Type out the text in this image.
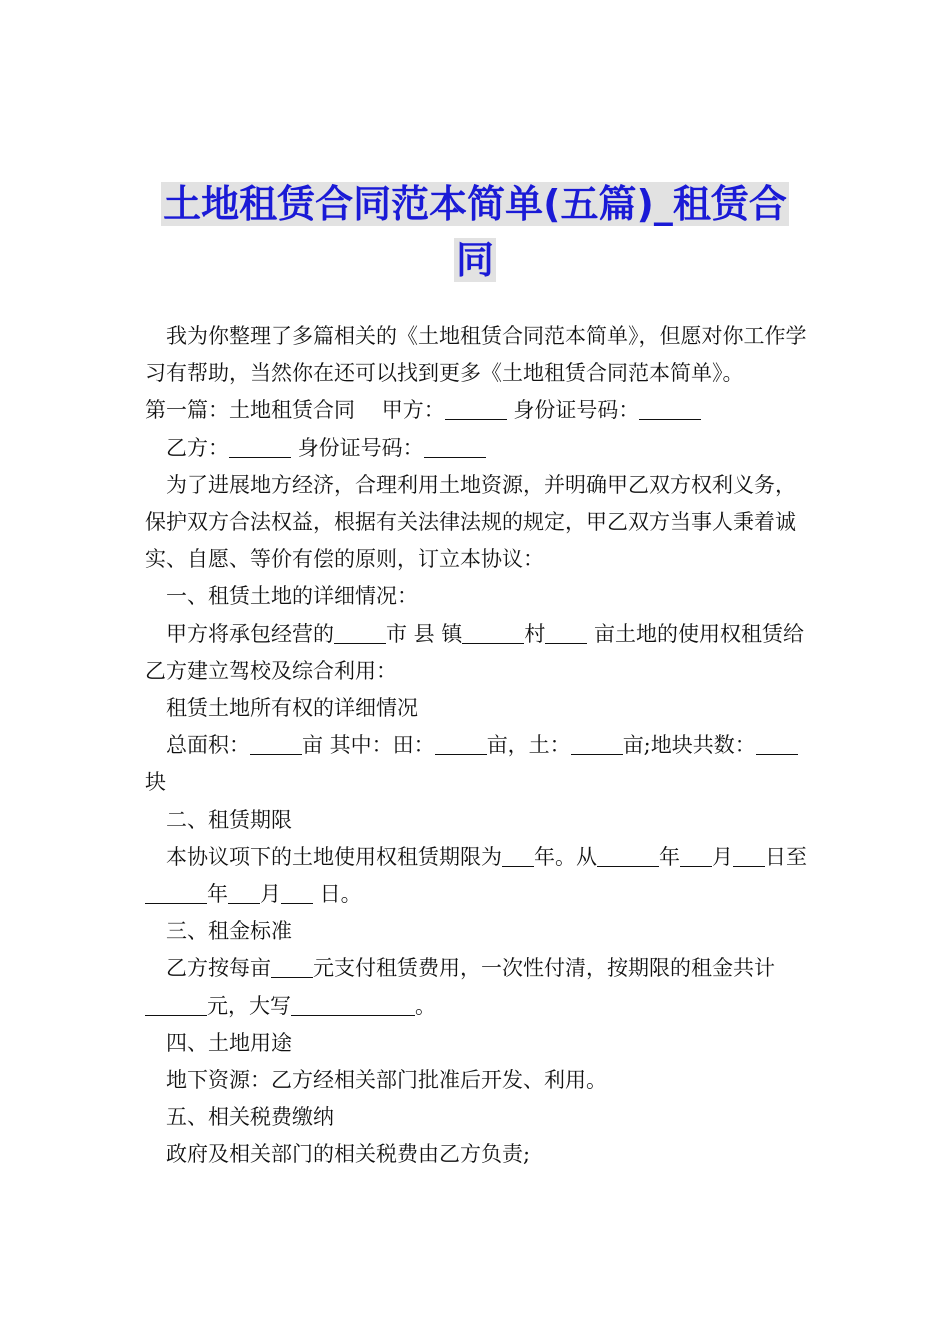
土地租赁合同范本简单(五篇)_租赁合
同

我为你整理了多篇相关的《土地租赁合同范本简单》，但愿对你工作学习有帮助，当然你在还可以找到更多《土地租赁合同范本简单》。

第一篇：土地租赁合同 甲方：	身份证号码：

乙方：	身份证号码：

为了进展地方经济，合理利用土地资源，并明确甲乙双方权利义务，保护双方合法权益，根据有关法律法规的规定，甲乙双方当事人秉着诚实、自愿、等价有偿的原则，订立本协议：

一、租赁土地的详细情况：

甲方将承包经营的 市 县 镇	村 亩土地的使用权租赁给乙方建立驾校及综合利用：

租赁土地所有权的详细情况

总面积： 亩 其中：田： 亩，土： 亩;地块共数：块

二、租赁期限

本协议项下的土地使用权租赁期限为 年。从	年 月 日至年 月 日。

三、租金标准

乙方按每亩 元支付租赁费用，一次性付清，按期限的租金共计元，大写	。

四、土地用途

地下资源：乙方经相关部门批准后开发、利用。

五、相关税费缴纳

政府及相关部门的相关税费由乙方负责;
